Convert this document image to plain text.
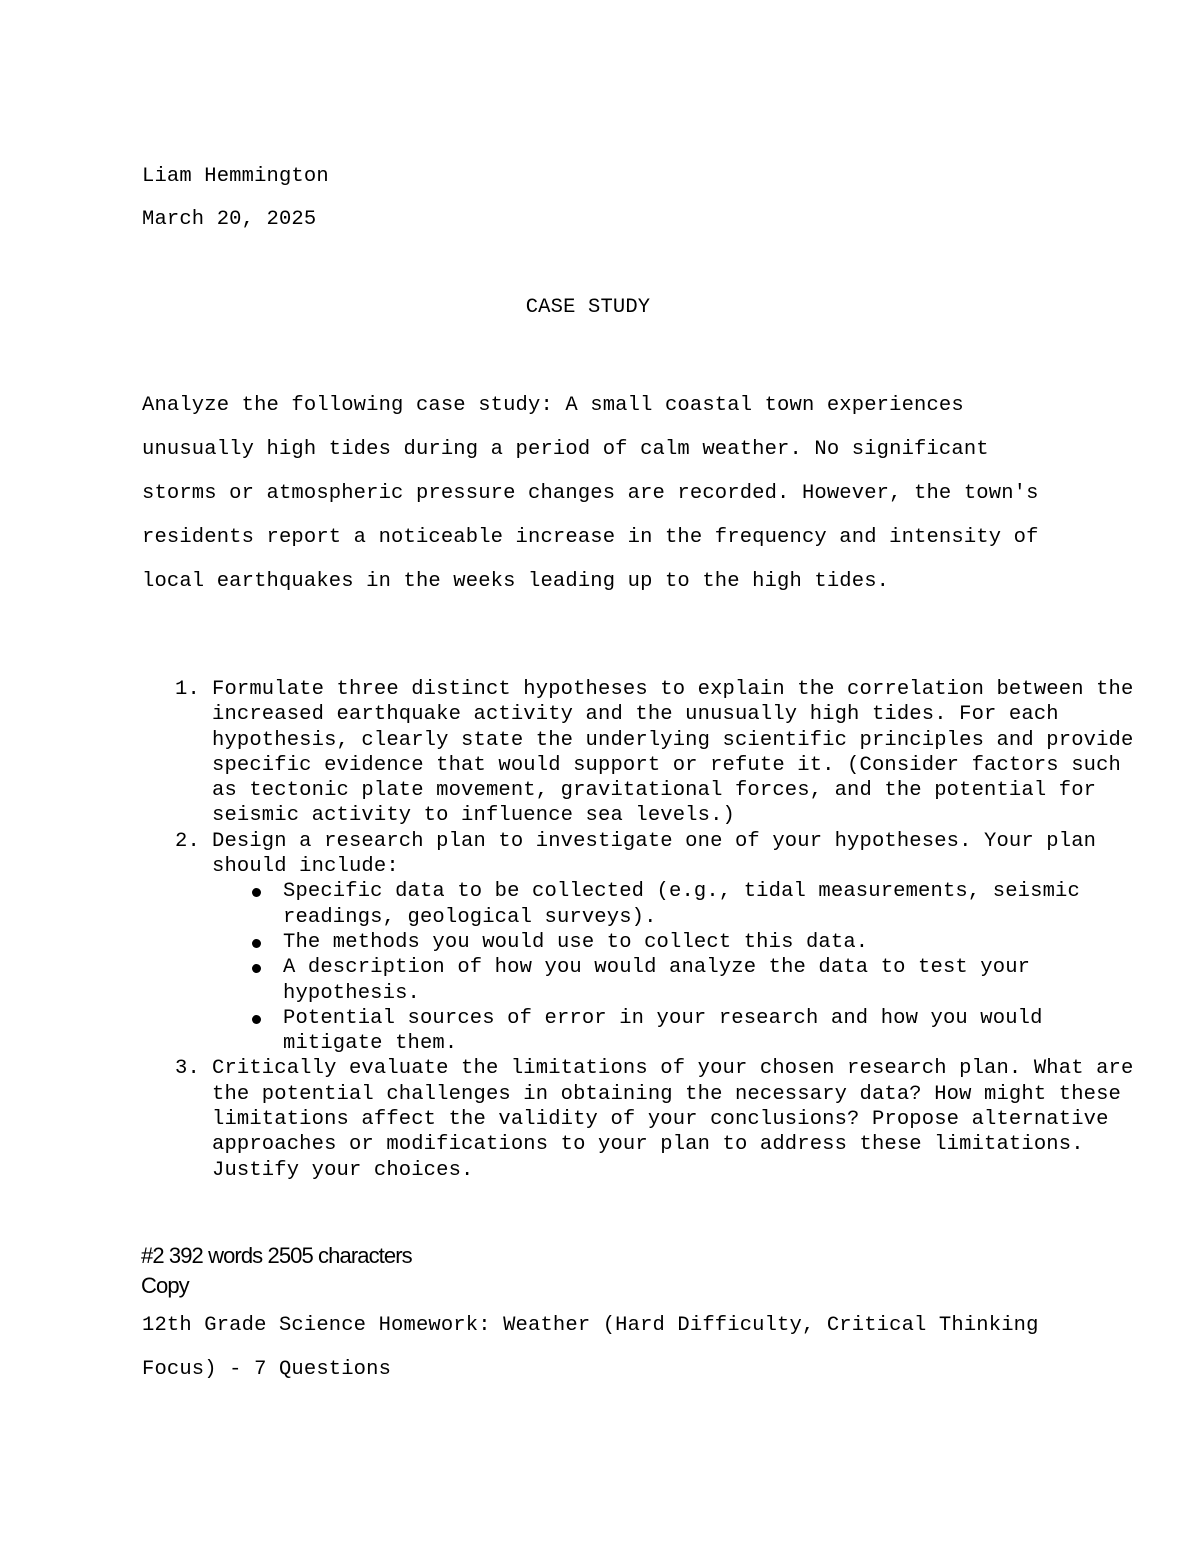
Liam Hemmington
March 20, 2025
CASE STUDY

Analyze the following case study: A small coastal town experiences unusually high tides during a period of calm weather. No significant storms or atmospheric pressure changes are recorded. However, the town's residents report a noticeable increase in the frequency and intensity of local earthquakes in the weeks leading up to the high tides.

1. Formulate three distinct hypotheses to explain the correlation between the increased earthquake activity and the unusually high tides. For each hypothesis, clearly state the underlying scientific principles and provide specific evidence that would support or refute it. (Consider factors such as tectonic plate movement, gravitational forces, and the potential for seismic activity to influence sea levels.)
2. Design a research plan to investigate one of your hypotheses. Your plan should include:
Specific data to be collected (e.g., tidal measurements, seismic readings, geological surveys).
The methods you would use to collect this data.
A description of how you would analyze the data to test your hypothesis.
Potential sources of error in your research and how you would mitigate them.
3. Critically evaluate the limitations of your chosen research plan. What are the potential challenges in obtaining the necessary data? How might these limitations affect the validity of your conclusions? Propose alternative approaches or modifications to your plan to address these limitations. Justify your choices.
#2 392 words 2505 characters
Copy

12th Grade Science Homework: Weather (Hard Difficulty, Critical Thinking Focus) - 7 Questions
